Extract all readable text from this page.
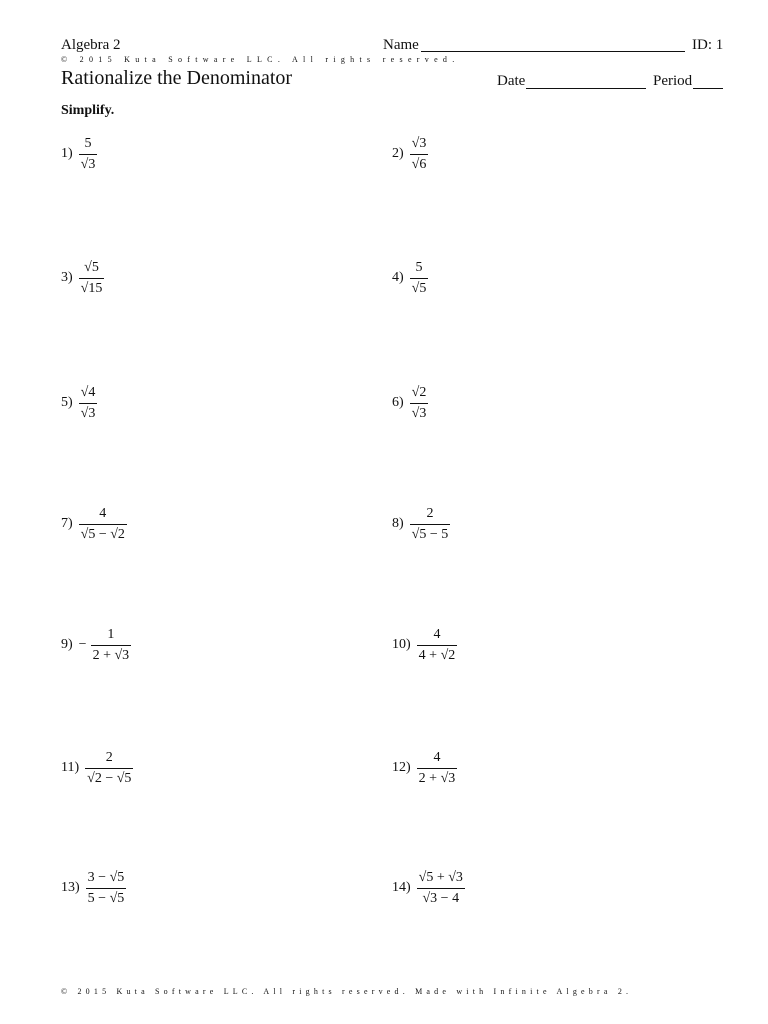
Algebra 2
© 2015 Kuta Software LLC. All rights reserved.
Rationalize the Denominator
Name	ID: 1
Date	Period
Simplify.
$1) \frac{5}{√3}$	$2) \frac{√3}{√6}$
$3) \frac{√5}{√15}$	$4) \frac{5}{√5}$
$5) \frac{√4}{√3}$	$6) \frac{√2}{√3}$
$7) \frac{4}{√5 - √2}$	$8) \frac{2}{√5 - 5}$
$9) - \frac{1}{2 + √3}$	$10) \frac{4}{4 + √2}$
$11) \frac{2}{√2 - √5}$	$12) \frac{4}{2 + √3}$
$13) \frac{3 - √5}{5 - √5}$	$14) \frac{√5 + √3}{√3 - 4}$
© 2015 Kuta Software LLC. All rights reserved. Made with Infinite Algebra 2.
